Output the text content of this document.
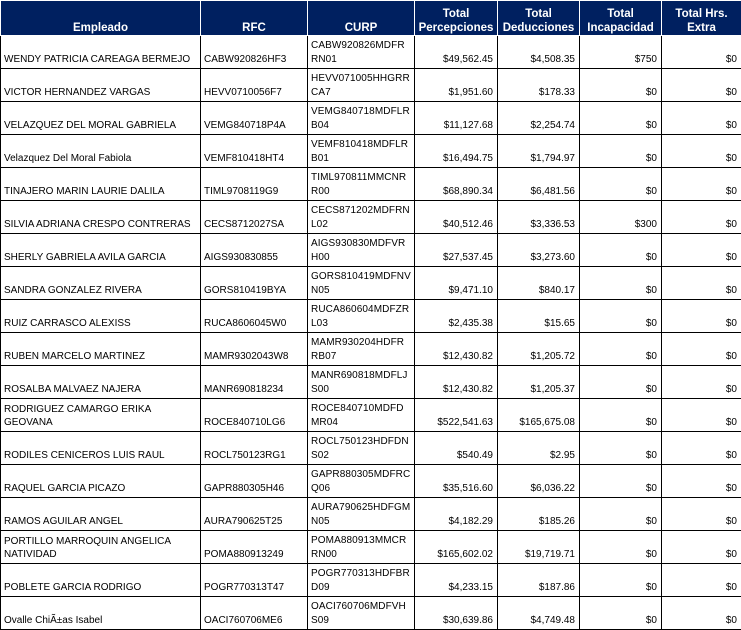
Empleado	RFC	CURP	Total Percepciones	Total Deducciones	Total Incapacidad	Total Hrs. Extra
WENDY PATRICIA CAREAGA BERMEJO	CABW920826HF3	CABW920826MDFRRN01	$49,562.45	$4,508.35	$750	$0
VICTOR HERNANDEZ VARGAS	HEVV0710056F7	HEVV071005HHGRRCA7	$1,951.60	$178.33	$0	$0
VELAZQUEZ DEL MORAL GABRIELA	VEMG840718P4A	VEMG840718MDFLRB04	$11,127.68	$2,254.74	$0	$0
Velazquez Del Moral Fabiola	VEMF810418HT4	VEMF810418MDFLRB01	$16,494.75	$1,794.97	$0	$0
TINAJERO MARIN LAURIE DALILA	TIML9708119G9	TIML970811MMCNRR00	$68,890.34	$6,481.56	$0	$0
SILVIA ADRIANA CRESPO CONTRERAS	CECS8712027SA	CECS871202MDFRNL02	$40,512.46	$3,336.53	$300	$0
SHERLY GABRIELA AVILA GARCIA	AIGS930830855	AIGS930830MDFVRH00	$27,537.45	$3,273.60	$0	$0
SANDRA GONZALEZ RIVERA	GORS810419BYA	GORS810419MDFNVN05	$9,471.10	$840.17	$0	$0
RUIZ CARRASCO ALEXISS	RUCA8606045W0	RUCA860604MDFZRL03	$2,435.38	$15.65	$0	$0
RUBEN MARCELO MARTINEZ	MAMR9302043W8	MAMR930204HDFRRB07	$12,430.82	$1,205.72	$0	$0
ROSALBA MALVAEZ NAJERA	MANR690818234	MANR690818MDFLJS00	$12,430.82	$1,205.37	$0	$0
RODRIGUEZ CAMARGO ERIKA GEOVANA	ROCE840710LG6	ROCE840710MDFDMR04	$522,541.63	$165,675.08	$0	$0
RODILES CENICEROS LUIS RAUL	ROCL750123RG1	ROCL750123HDFDNS02	$540.49	$2.95	$0	$0
RAQUEL GARCIA PICAZO	GAPR880305H46	GAPR880305MDFRCQ06	$35,516.60	$6,036.22	$0	$0
RAMOS AGUILAR ANGEL	AURA790625T25	AURA790625HDFGMN05	$4,182.29	$185.26	$0	$0
PORTILLO MARROQUIN ANGELICA NATIVIDAD	POMA880913249	POMA880913MMCRRN00	$165,602.02	$19,719.71	$0	$0
POBLETE GARCIA RODRIGO	POGR770313T47	POGR770313HDFBRD09	$4,233.15	$187.86	$0	$0
Ovalle ChiÃ±as Isabel	OACI760706ME6	OACI760706MDFVHS09	$30,639.86	$4,749.48	$0	$0
